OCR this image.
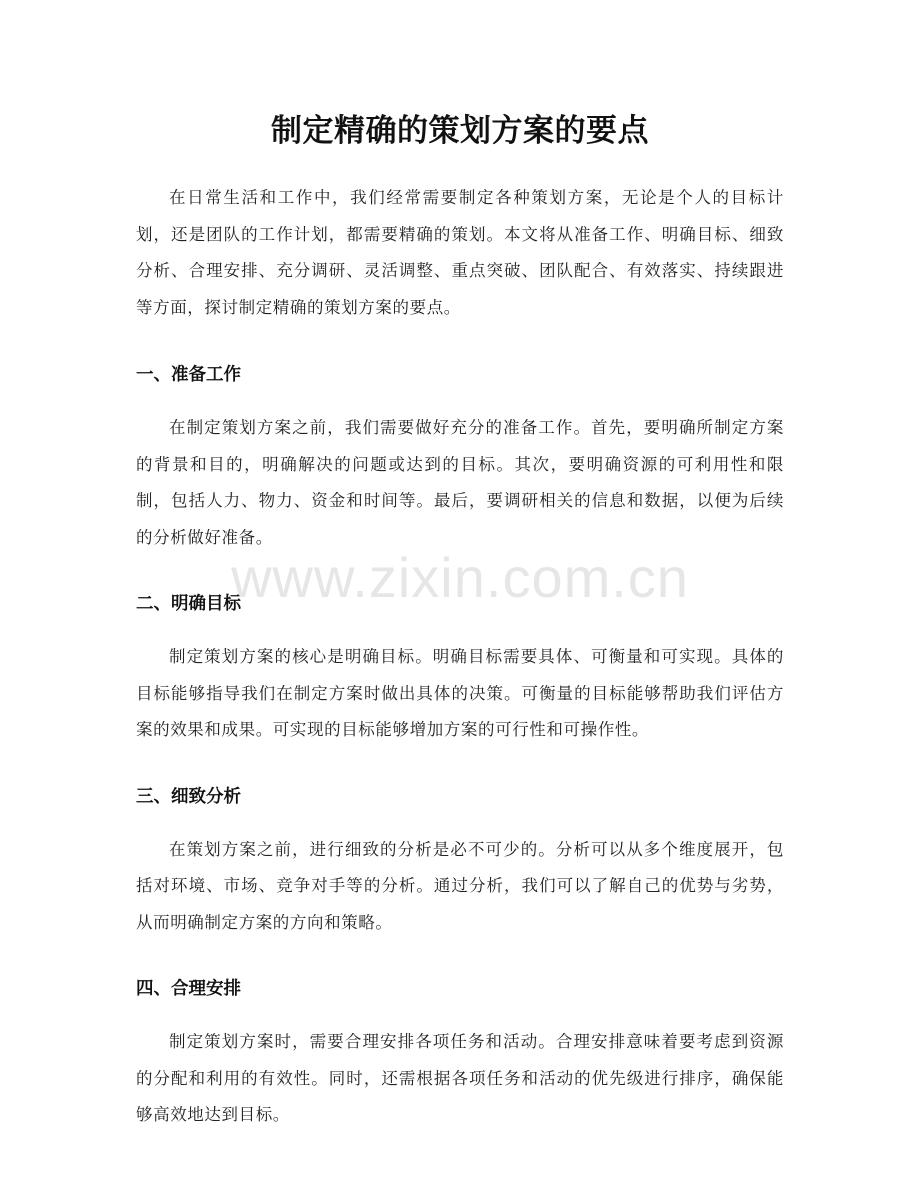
制定精确的策划方案的要点

在日常生活和工作中，我们经常需要制定各种策划方案，无论是个人的目标计划，还是团队的工作计划，都需要精确的策划。本文将从准备工作、明确目标、细致分析、合理安排、充分调研、灵活调整、重点突破、团队配合、有效落实、持续跟进等方面，探讨制定精确的策划方案的要点。

一、准备工作

在制定策划方案之前，我们需要做好充分的准备工作。首先，要明确所制定方案的背景和目的，明确解决的问题或达到的目标。其次，要明确资源的可利用性和限制，包括人力、物力、资金和时间等。最后，要调研相关的信息和数据，以便为后续的分析做好准备。

二、明确目标

制定策划方案的核心是明确目标。明确目标需要具体、可衡量和可实现。具体的目标能够指导我们在制定方案时做出具体的决策。可衡量的目标能够帮助我们评估方案的效果和成果。可实现的目标能够增加方案的可行性和可操作性。

三、细致分析

在策划方案之前，进行细致的分析是必不可少的。分析可以从多个维度展开，包括对环境、市场、竞争对手等的分析。通过分析，我们可以了解自己的优势与劣势，从而明确制定方案的方向和策略。

四、合理安排

制定策划方案时，需要合理安排各项任务和活动。合理安排意味着要考虑到资源的分配和利用的有效性。同时，还需根据各项任务和活动的优先级进行排序，确保能够高效地达到目标。

www.zixin.com.cn
